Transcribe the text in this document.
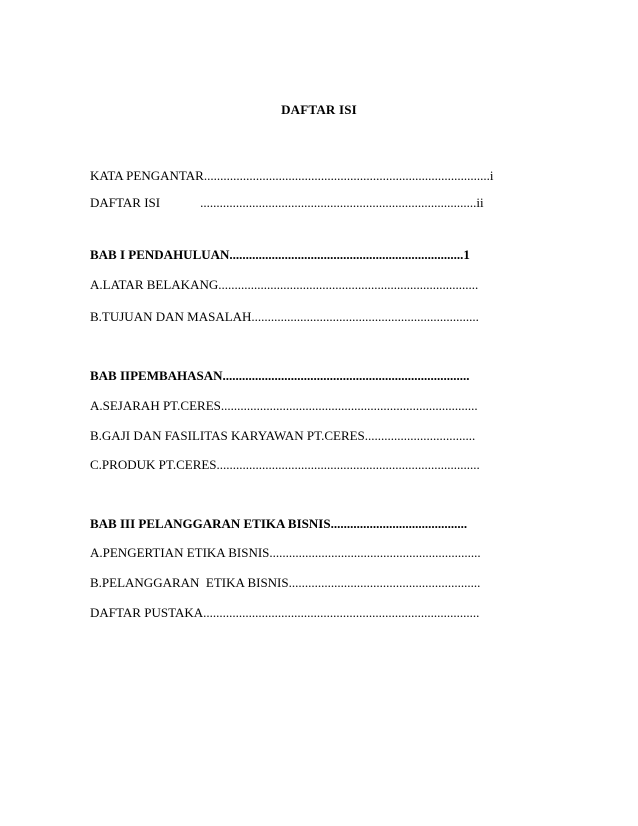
DAFTAR ISI
KATA PENGANTAR........................................................................................i
DAFTAR ISI	.....................................................................................ii
BAB I PENDAHULUAN........................................................................1
A.LATAR BELAKANG................................................................................
B.TUJUAN DAN MASALAH......................................................................
BAB IIPEMBAHASAN............................................................................
A.SEJARAH PT.CERES...............................................................................
B.GAJI DAN FASILITAS KARYAWAN PT.CERES..................................
C.PRODUK PT.CERES.................................................................................
BAB III PELANGGARAN ETIKA BISNIS..........................................
A.PENGERTIAN ETIKA BISNIS.................................................................
B.PELANGGARAN  ETIKA BISNIS...........................................................
DAFTAR PUSTAKA.....................................................................................
